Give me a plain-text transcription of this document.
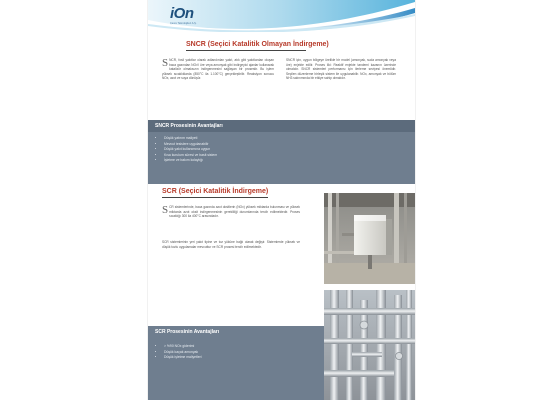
iOn
Çevre Teknolojileri A.Ş.
SNCR (Seçici Katalitik Olmayan İndirgeme)
SNCR, fosil yakıtlar olarak adlandırılan yakıt, atık gibi yakıtlardan oluşan baca gazından NOx'i üre veya amonyak gibi indirgeyici ajanlar kullanarak katalizör olmaksızın indirgenmesini sağlayan bir prosestir. Bu işlem yüksek sıcaklıklarda (850°C ila 1.100°C) gerçekleştirilir. Reaksiyon sonucu NOx, azot ve suya dönüşür.
SNCR için, uygun bölgeye ürelikle bir model (amonyak, suda amonyak veya üre) enjekte edilir. Proses ilki: Reaktif enjekte tandemi kazanın üzerinde olmalıdır. SNCR sistemleri performansı için ilerleme seviyesi önemlidir. Seçilen düzenleme birleşik sistem ile uygulanabilir. NOx, amonyak ve bölüm NH3 salınımında bir etkiye sahip olmalıdır.
SNCR Prosesinin Avantajları
• Düşük yatırım maliyeti
• Mevcut tesislere uygulanabilir
• Düşük yakıt kullanımına uygun
• Kısa kurulum süresi ve basit sistem
• İşletme ve bakım kolaylığı
SCR (Seçici Katalitik İndirgeme)
SCR sistemlerinde, baca gazında azot oksitlerin (NOx) yüksek miktarda bulunması ve yüksek miktarda azot oksit indirgenmesinin gerekliliği durumlarında tercih edilmektedir. Proses sıcaklığı 300 ila 400°C arasındadır.
SCR sistemlerinin yeri yakıt tipine ve toz yüküne bağlı olarak değişir. Sistemlerde yüksek ve düşük tozlu uygulamalar mevcuttur ve SCR prosesi tercih edilmektedir.
SCR Prosesinin Avantajları
• > %90 NOx giderimi
• Düşük kaçak amonyak
• Düşük işletme maliyetleri
